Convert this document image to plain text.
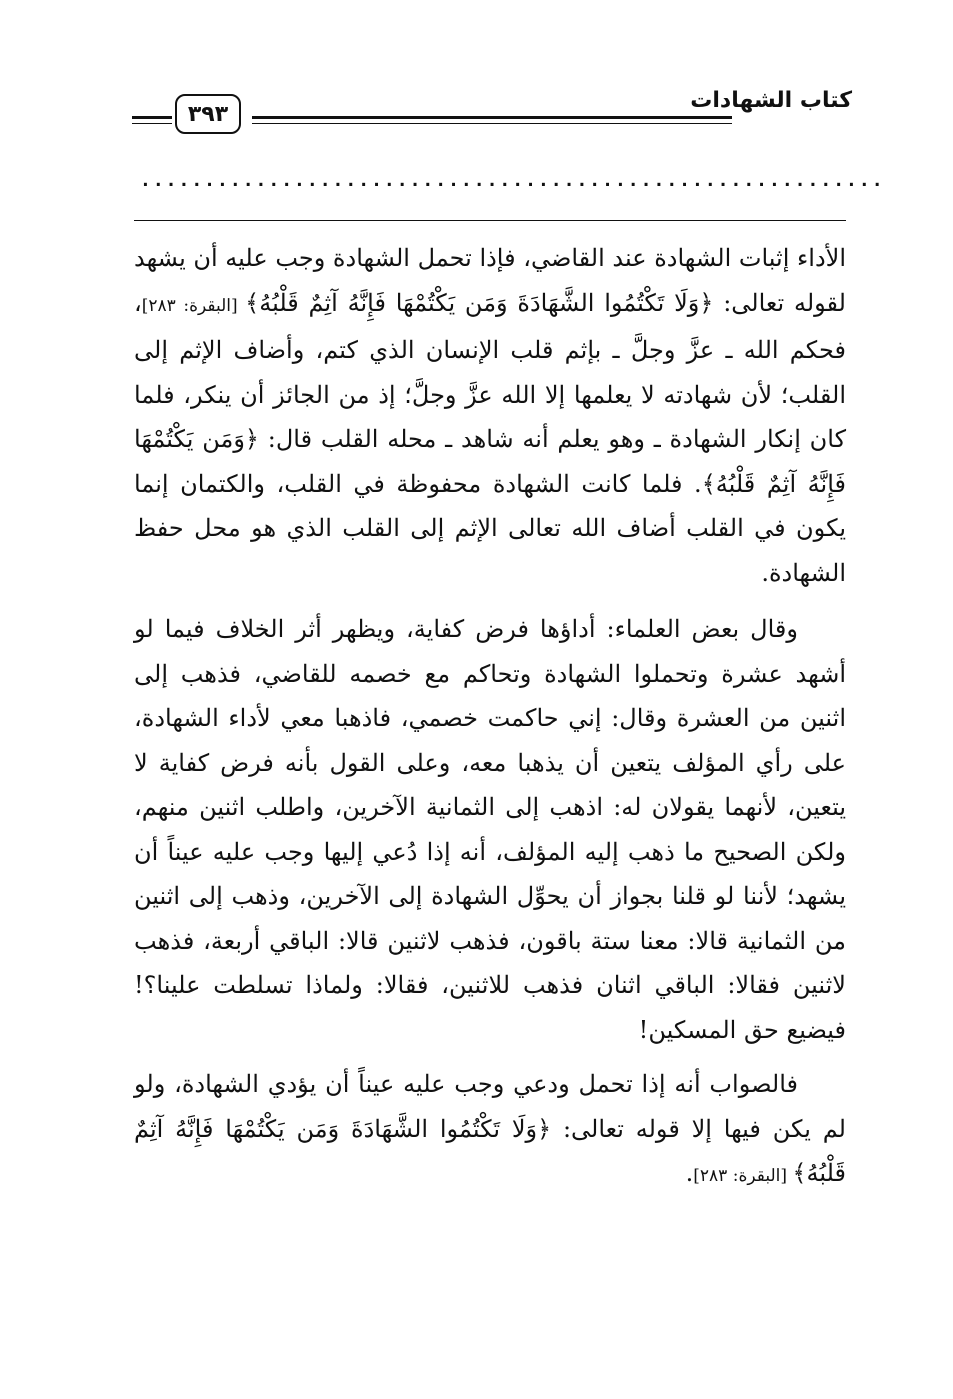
٣٩٣
كتاب الشهادات
..........................................................

الأداء إثبات الشهادة عند القاضي، فإذا تحمل الشهادة وجب عليه أن يشهد لقوله تعالى: ﴿وَلَا تَكْتُمُوا الشَّهَادَةَ وَمَن يَكْتُمْهَا فَإِنَّهُ آثِمٌ قَلْبُهُ﴾ [البقرة: ٢٨٣]، فحكم الله ـ عزَّ وجلَّ ـ بإثم قلب الإنسان الذي كتم، وأضاف الإثم إلى القلب؛ لأن شهادته لا يعلمها إلا الله عزَّ وجلَّ؛ إذ من الجائز أن ينكر، فلما كان إنكار الشهادة ـ وهو يعلم أنه شاهد ـ محله القلب قال: ﴿وَمَن يَكْتُمْهَا فَإِنَّهُ آثِمٌ قَلْبُهُ﴾. فلما كانت الشهادة محفوظة في القلب، والكتمان إنما يكون في القلب أضاف الله تعالى الإثم إلى القلب الذي هو محل حفظ الشهادة.

وقال بعض العلماء: أداؤها فرض كفاية، ويظهر أثر الخلاف فيما لو أشهد عشرة وتحملوا الشهادة وتحاكم مع خصمه للقاضي، فذهب إلى اثنين من العشرة وقال: إني حاكمت خصمي، فاذهبا معي لأداء الشهادة، على رأي المؤلف يتعين أن يذهبا معه، وعلى القول بأنه فرض كفاية لا يتعين، لأنهما يقولان له: اذهب إلى الثمانية الآخرين، واطلب اثنين منهم، ولكن الصحيح ما ذهب إليه المؤلف، أنه إذا دُعي إليها وجب عليه عيناً أن يشهد؛ لأننا لو قلنا بجواز أن يحوِّل الشهادة إلى الآخرين، وذهب إلى اثنين من الثمانية قالا: معنا ستة باقون، فذهب لاثنين قالا: الباقي أربعة، فذهب لاثنين فقالا: الباقي اثنان فذهب للاثنين، فقالا: ولماذا تسلطت علينا؟! فيضيع حق المسكين!

فالصواب أنه إذا تحمل ودعي وجب عليه عيناً أن يؤدي الشهادة، ولو لم يكن فيها إلا قوله تعالى: ﴿وَلَا تَكْتُمُوا الشَّهَادَةَ وَمَن يَكْتُمْهَا فَإِنَّهُ آثِمٌ قَلْبُهُ﴾ [البقرة: ٢٨٣].
